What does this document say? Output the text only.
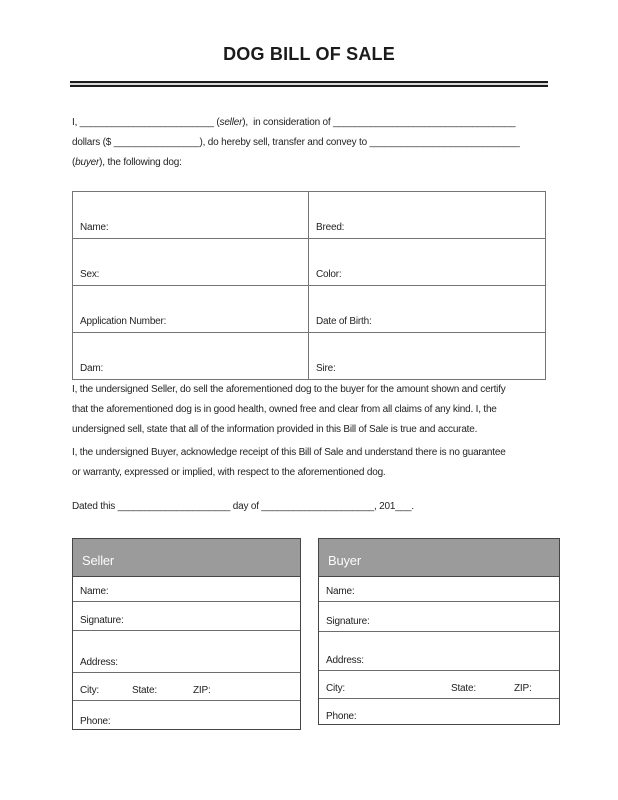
DOG BILL OF SALE
I, _________________________ (seller),  in consideration of __________________________________
dollars ($ ________________), do hereby sell, transfer and convey to ____________________________
(buyer), the following dog:
Name:	Breed:
Sex:	Color:
Application Number:	Date of Birth:
Dam:	Sire:
I, the undersigned Seller, do sell the aforementioned dog to the buyer for the amount shown and certify
that the aforementioned dog is in good health, owned free and clear from all claims of any kind. I, the
undersigned sell, state that all of the information provided in this Bill of Sale is true and accurate.
I, the undersigned Buyer, acknowledge receipt of this Bill of Sale and understand there is no guarantee
or warranty, expressed or implied, with respect to the aforementioned dog.
Dated this _____________________ day of _____________________, 201___.
Seller
Name:
Signature:
Address:
City:	State:	ZIP:
Phone:
Buyer
Name:
Signature:
Address:
City:	State:	ZIP:
Phone:
